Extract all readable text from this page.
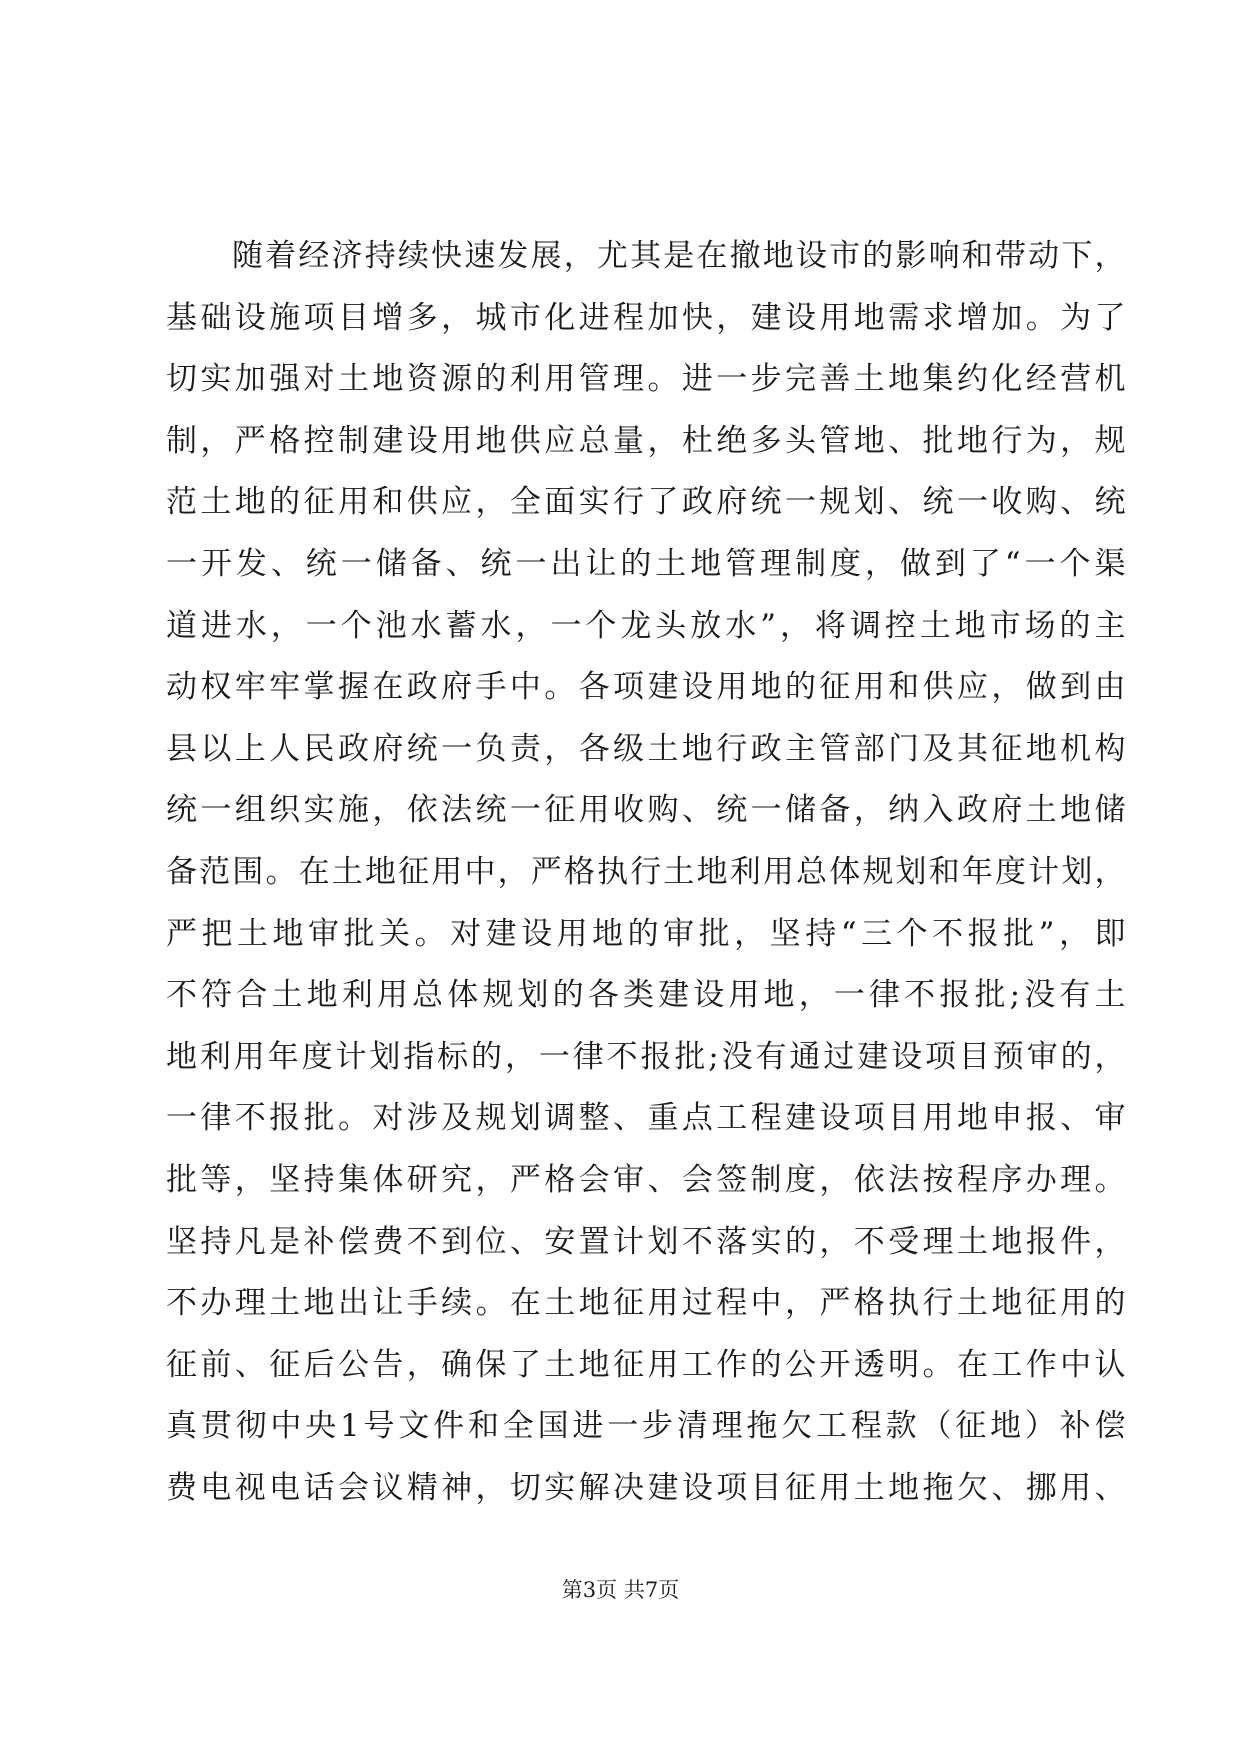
随着经济持续快速发展，尤其是在撤地设市的影响和带动下，
基础设施项目增多，城市化进程加快，建设用地需求增加。为了
切实加强对土地资源的利用管理。进一步完善土地集约化经营机
制，严格控制建设用地供应总量，杜绝多头管地、批地行为，规
范土地的征用和供应，全面实行了政府统一规划、统一收购、统
一开发、统一储备、统一出让的土地管理制度，做到了“一个渠
道进水，一个池水蓄水，一个龙头放水”，将调控土地市场的主
动权牢牢掌握在政府手中。各项建设用地的征用和供应，做到由
县以上人民政府统一负责，各级土地行政主管部门及其征地机构
统一组织实施，依法统一征用收购、统一储备，纳入政府土地储
备范围。在土地征用中，严格执行土地利用总体规划和年度计划，
严把土地审批关。对建设用地的审批，坚持“三个不报批”，即
不符合土地利用总体规划的各类建设用地，一律不报批;没有土
地利用年度计划指标的，一律不报批;没有通过建设项目预审的，
一律不报批。对涉及规划调整、重点工程建设项目用地申报、审
批等，坚持集体研究，严格会审、会签制度，依法按程序办理。
坚持凡是补偿费不到位、安置计划不落实的，不受理土地报件，
不办理土地出让手续。在土地征用过程中，严格执行土地征用的
征前、征后公告，确保了土地征用工作的公开透明。在工作中认
真贯彻中央1号文件和全国进一步清理拖欠工程款（征地）补偿
费电视电话会议精神，切实解决建设项目征用土地拖欠、挪用、
第3页 共7页
